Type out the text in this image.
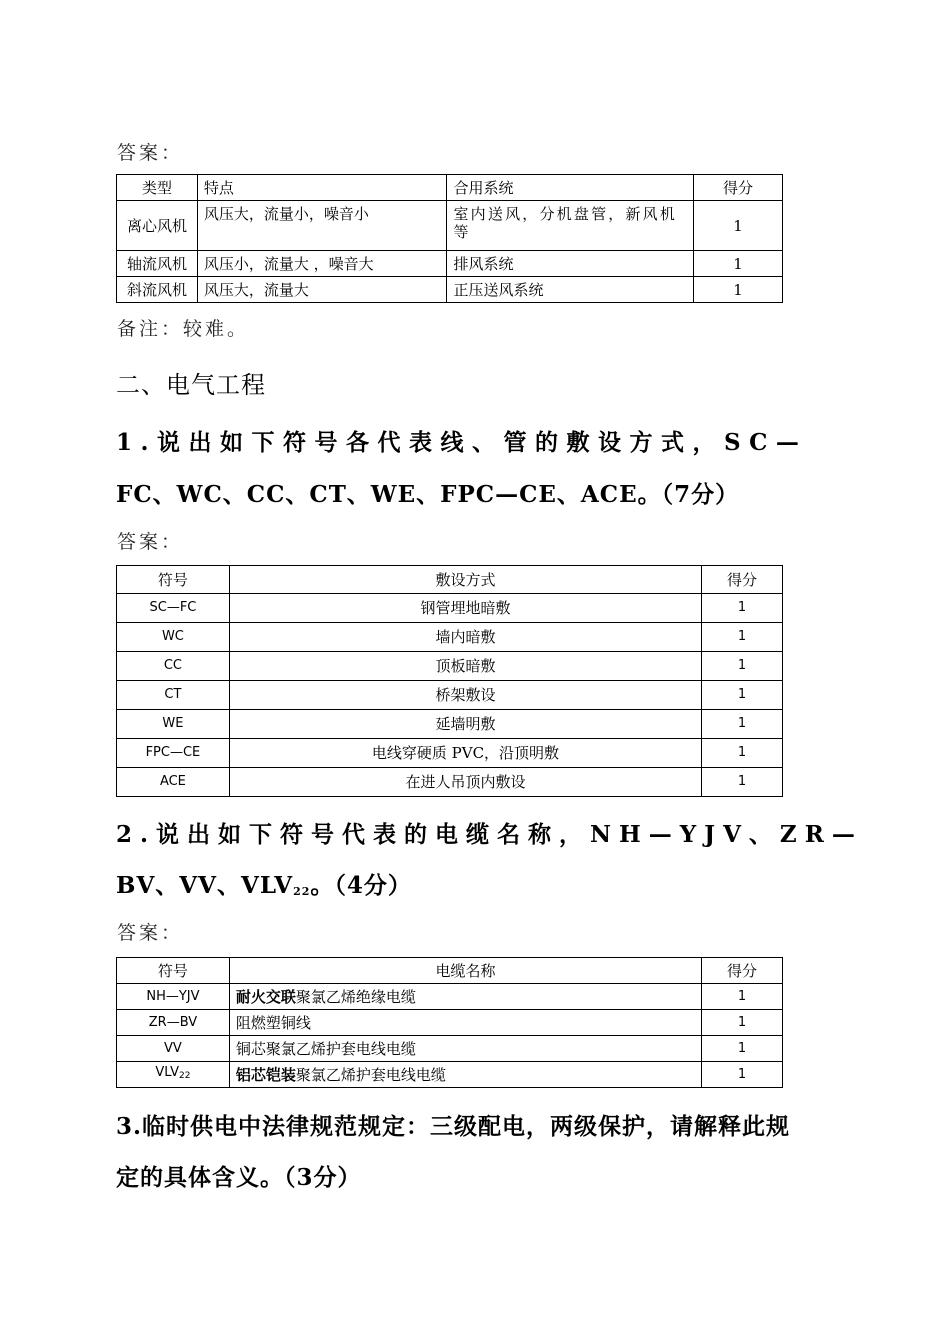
答案：
类型	特点	合用系统	得分
离心风机	风压大，流量小，噪音小	室内送风，分机盘管，新风机等	1
轴流风机	风压小，流量大 ，噪音大	排风系统	1
斜流风机	风压大，流量大	正压送风系统	1
备注：较难。
二、电气工程
1.说出如下符号各代表线、管的敷设方式，SC—
FC、WC、CC、CT、WE、FPC—CE、ACE。（7分）
答案：
符号	敷设方式	得分
SC—FC	钢管埋地暗敷	1
WC	墙内暗敷	1
CC	顶板暗敷	1
CT	桥架敷设	1
WE	延墙明敷	1
FPC—CE	电线穿硬质 PVC，沿顶明敷	1
ACE	在进人吊顶内敷设	1
2.说出如下符号代表的电缆名称，NH—YJV、ZR—
BV、VV、$VLV_{22}$。（4分）
答案：
符号	电缆名称	得分
NH—YJV	耐火交联聚氯乙烯绝缘电缆	1
ZR—BV	阻燃塑铜线	1
VV	铜芯聚氯乙烯护套电线电缆	1
$VLV_{22}$	铝芯铠装聚氯乙烯护套电线电缆	1
3.临时供电中法律规范规定：三级配电，两级保护，请解释此规
定的具体含义。（3分）
